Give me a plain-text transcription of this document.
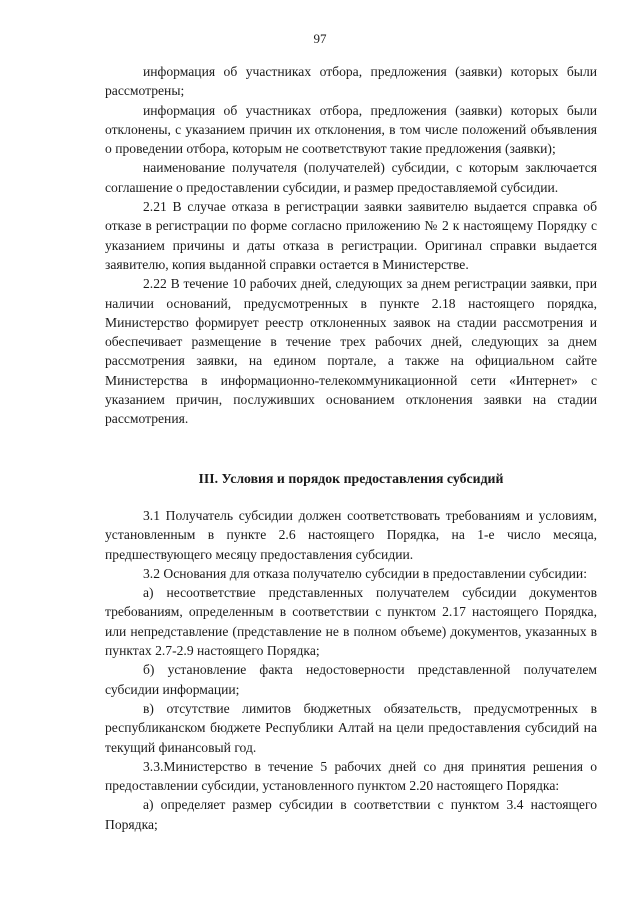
97

информация об участниках отбора, предложения (заявки) которых были рассмотрены;

информация об участниках отбора, предложения (заявки) которых были отклонены, с указанием причин их отклонения, в том числе положений объявления о проведении отбора, которым не соответствуют такие предложения (заявки);

наименование получателя (получателей) субсидии, с которым заключается соглашение о предоставлении субсидии, и размер предоставляемой субсидии.

2.21 В случае отказа в регистрации заявки заявителю выдается справка об отказе в регистрации по форме согласно приложению № 2 к настоящему Порядку с указанием причины и даты отказа в регистрации. Оригинал справки выдается заявителю, копия выданной справки остается в Министерстве.

2.22 В течение 10 рабочих дней, следующих за днем регистрации заявки, при наличии оснований, предусмотренных в пункте 2.18 настоящего порядка, Министерство формирует реестр отклоненных заявок на стадии рассмотрения и обеспечивает размещение в течение трех рабочих дней, следующих за днем рассмотрения заявки, на едином портале, а также на официальном сайте Министерства в информационно-телекоммуникационной сети «Интернет» с указанием причин, послуживших основанием отклонения заявки на стадии рассмотрения.

III. Условия и порядок предоставления субсидий

3.1 Получатель субсидии должен соответствовать требованиям и условиям, установленным в пункте 2.6 настоящего Порядка, на 1-е число месяца, предшествующего месяцу предоставления субсидии.

3.2 Основания для отказа получателю субсидии в предоставлении субсидии:

а) несоответствие представленных получателем субсидии документов требованиям, определенным в соответствии с пунктом 2.17 настоящего Порядка, или непредставление (представление не в полном объеме) документов, указанных в пунктах 2.7-2.9 настоящего Порядка;

б) установление факта недостоверности представленной получателем субсидии информации;

в) отсутствие лимитов бюджетных обязательств, предусмотренных в республиканском бюджете Республики Алтай на цели предоставления субсидий на текущий финансовый год.

3.3.Министерство в течение 5 рабочих дней со дня принятия решения о предоставлении субсидии, установленного пунктом 2.20 настоящего Порядка:

а) определяет размер субсидии в соответствии с пунктом 3.4 настоящего Порядка;
